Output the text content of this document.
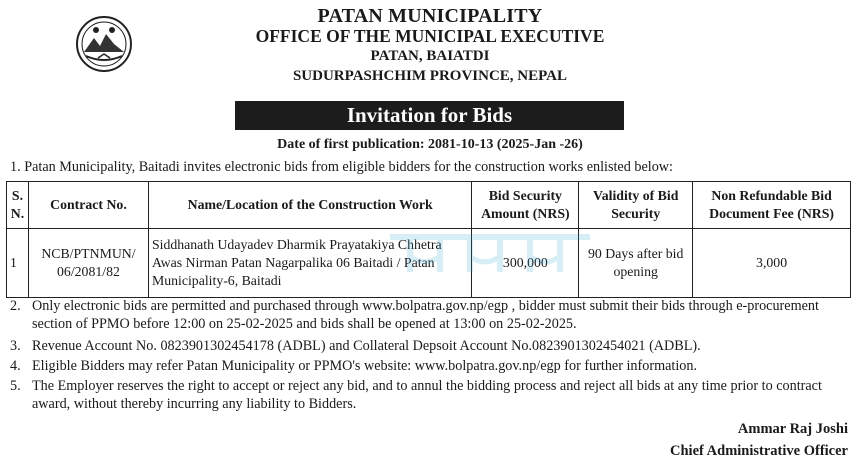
PATAN MUNICIPALITY
OFFICE OF THE MUNICIPAL EXECUTIVE
PATAN, BAIATDI
SUDURPASHCHIM PROVINCE, NEPAL
Invitation for Bids
Date of first publication: 2081-10-13 (2025-Jan -26)
1. Patan Municipality, Baitadi invites electronic bids from eligible bidders for the construction works enlisted below:
S. N.	Contract No.	Name/Location of the Construction Work	Bid Security Amount (NRS)	Validity of Bid Security	Non Refundable Bid Document Fee (NRS)
1	NCB/PTNMUN/ 06/2081/82	Siddhanath Udayadev Dharmik Prayatakiya Chhetra Awas Nirman Patan Nagarpalika 06 Baitadi / Patan Municipality-6, Baitadi	300,000	90 Days after bid opening	3,000
2. Only electronic bids are permitted and purchased through www.bolpatra.gov.np/egp , bidder must submit their bids through e-procurement section of PPMO before 12:00 on 25-02-2025 and bids shall be opened at 13:00 on 25-02-2025.
3. Revenue Account No. 0823901302454178 (ADBL) and Collateral Depsoit Account No.0823901302454021 (ADBL).
4. Eligible Bidders may refer Patan Municipality or PPMO's website: www.bolpatra.gov.np/egp for further information.
5. The Employer reserves the right to accept or reject any bid, and to annul the bidding process and reject all bids at any time prior to contract award, without thereby incurring any liability to Bidders.
Ammar Raj Joshi
Chief Administrative Officer
